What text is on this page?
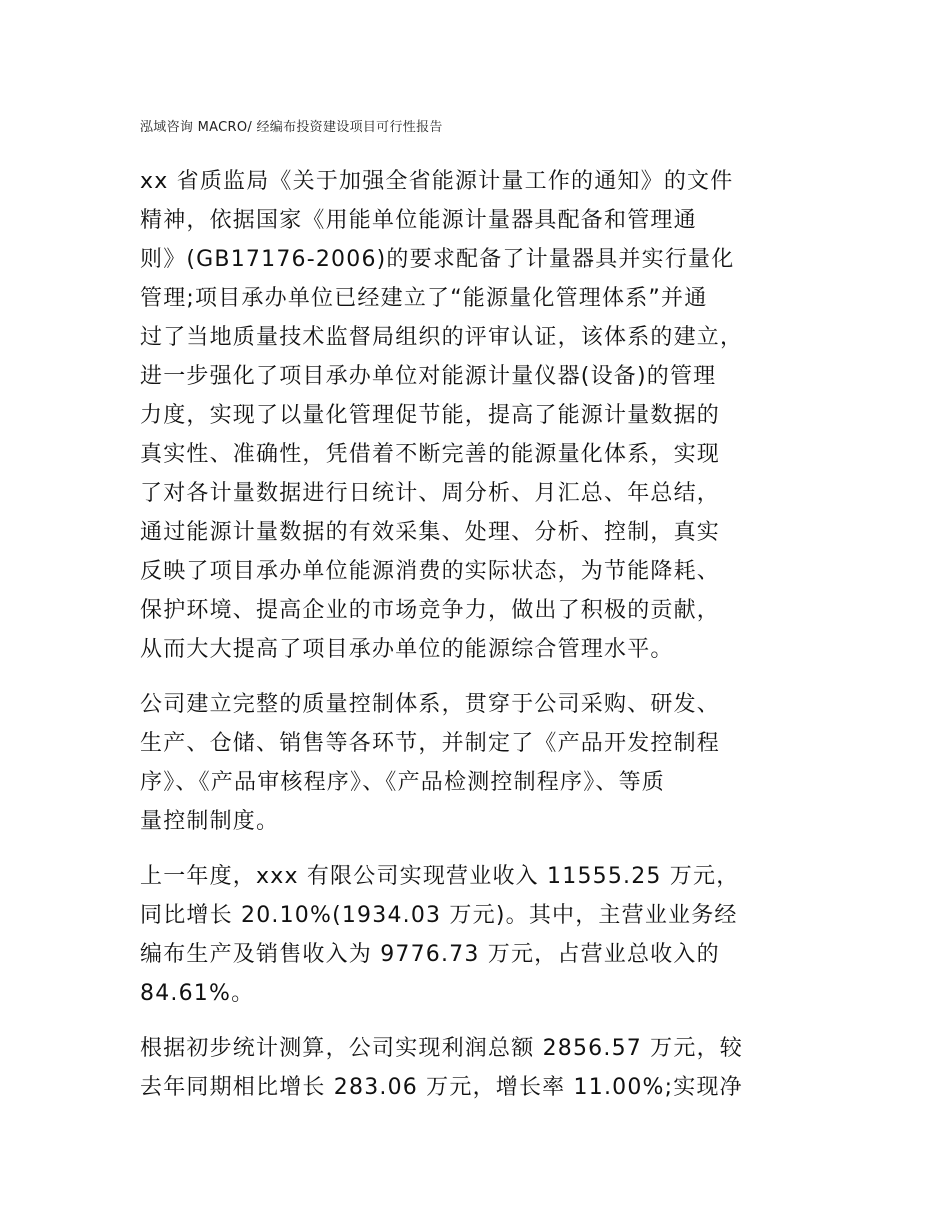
泓域咨询 MACRO/ 经编布投资建设项目可行性报告
xx 省质监局《关于加强全省能源计量工作的通知》的文件
精神，依据国家《用能单位能源计量器具配备和管理通
则》(GB17176-2006)的要求配备了计量器具并实行量化
管理;项目承办单位已经建立了“能源量化管理体系”并通
过了当地质量技术监督局组织的评审认证，该体系的建立，
进一步强化了项目承办单位对能源计量仪器(设备)的管理
力度，实现了以量化管理促节能，提高了能源计量数据的
真实性、准确性，凭借着不断完善的能源量化体系，实现
了对各计量数据进行日统计、周分析、月汇总、年总结，
通过能源计量数据的有效采集、处理、分析、控制，真实
反映了项目承办单位能源消费的实际状态，为节能降耗、
保护环境、提高企业的市场竞争力，做出了积极的贡献，
从而大大提高了项目承办单位的能源综合管理水平。
公司建立完整的质量控制体系，贯穿于公司采购、研发、
生产、仓储、销售等各环节，并制定了《产品开发控制程
序》、《产品审核程序》、《产品检测控制程序》、等质
量控制制度。
上一年度，xxx 有限公司实现营业收入 11555.25 万元，
同比增长 20.10%(1934.03 万元)。其中，主营业业务经
编布生产及销售收入为 9776.73 万元，占营业总收入的
84.61%。
根据初步统计测算，公司实现利润总额 2856.57 万元，较
去年同期相比增长 283.06 万元，增长率 11.00%;实现净
